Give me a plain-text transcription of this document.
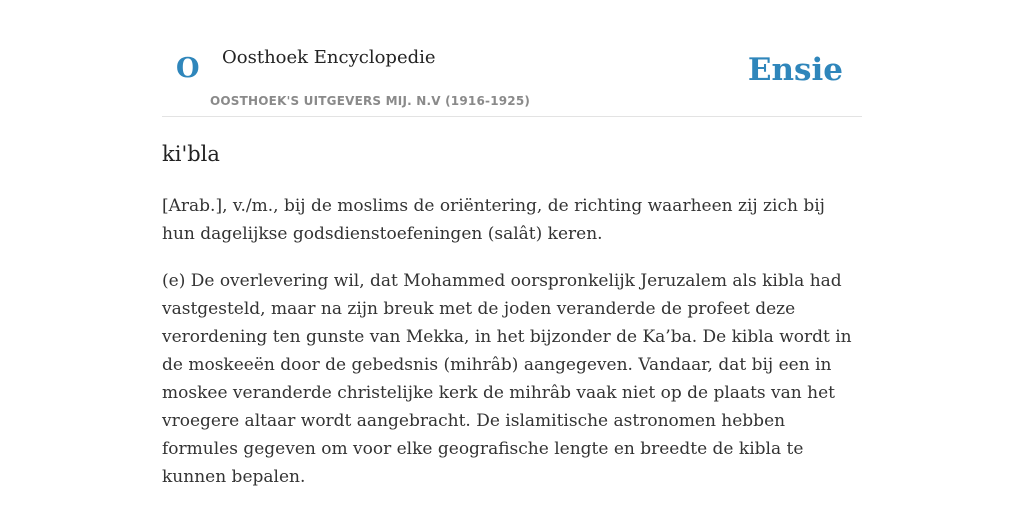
O Oosthoek Encyclopedie	Ensie
OOSTHOEK'S UITGEVERS MIJ. N.V (1916-1925)
ki'bla

[Arab.], v./m., bij de moslims de oriëntering, de richting waarheen zij zich bij hun dagelijkse godsdienstoefeningen (salât) keren.

(e) De overlevering wil, dat Mohammed oorspronkelijk Jeruzalem als kibla had vastgesteld, maar na zijn breuk met de joden veranderde de profeet deze verordening ten gunste van Mekka, in het bijzonder de Ka’ba. De kibla wordt in de moskeeën door de gebedsnis (mihrâb) aangegeven. Vandaar, dat bij een in moskee veranderde christelijke kerk de mihrâb vaak niet op de plaats van het vroegere altaar wordt aangebracht. De islamitische astronomen hebben formules gegeven om voor elke geografische lengte en breedte de kibla te kunnen bepalen.
